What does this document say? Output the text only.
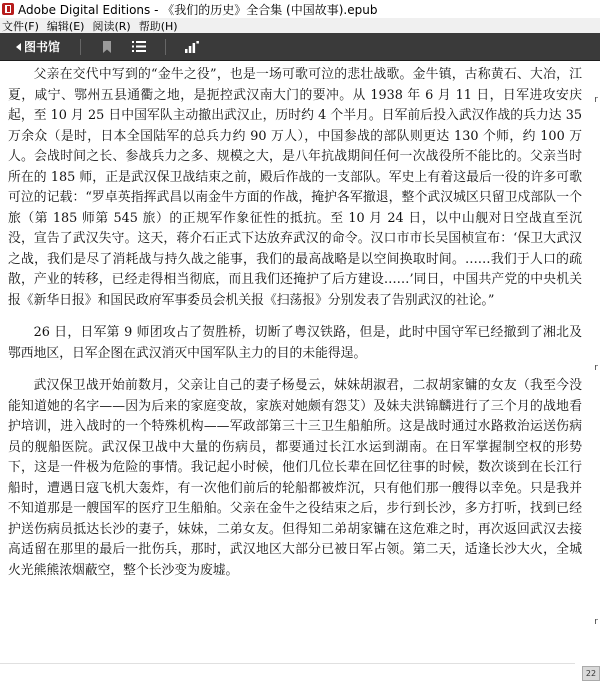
Adobe Digital Editions - 《我们的历史》全合集 (中国故事).epub
文件(F) 编辑(E) 阅读(R) 帮助(H)
图书馆

父亲在交代中写到的“金牛之役”，也是一场可歌可泣的悲壮战歌。金牛镇，古称黄石、大冶，江夏，咸宁、鄂州五县通衢之地，是扼控武汉南大门的要冲。从 1938 年 6 月 11 日，日军进攻安庆起，至 10 月 25 日中国军队主动撤出武汉止，历时约 4 个半月。日军前后投入武汉作战的兵力达 35 万余众（是时，日本全国陆军的总兵力约 90 万人），中国参战的部队则更达 130 个师，约 100 万人。会战时间之长、参战兵力之多、规模之大，是八年抗战期间任何一次战役所不能比的。父亲当时所在的 185 师，正是武汉保卫战结束之前，殿后作战的一支部队。军史上有着这最后一役的许多可歌可泣的记载：“罗卓英指挥武昌以南金牛方面的作战，掩护各军撤退，整个武汉城区只留卫戍部队一个旅（第 185 师第 545 旅）的正规军作象征性的抵抗。至 10 月 24 日，以中山舰对日空战直至沉没，宣告了武汉失守。这天，蒋介石正式下达放弃武汉的命令。汉口市市长吴国桢宣布：‘保卫大武汉之战，我们是尽了消耗战与持久战之能事，我们的最高战略是以空间换取时间。……我们于人口的疏散，产业的转移，已经走得相当彻底，而且我们还掩护了后方建设……’同日，中国共产党的中央机关报《新华日报》和国民政府军事委员会机关报《扫荡报》分别发表了告别武汉的社论。”

26 日，日军第 9 师团攻占了贺胜桥，切断了粤汉铁路，但是，此时中国守军已经撤到了湘北及鄂西地区，日军企图在武汉消灭中国军队主力的目的未能得逞。

武汉保卫战开始前数月，父亲让自己的妻子杨曼云，妹妹胡淑君，二叔胡家镛的女友（我至今没能知道她的名字——因为后来的家庭变故，家族对她颇有怨艾）及妹夫洪锦麟进行了三个月的战地看护培训，进入战时的一个特殊机构——军政部第三十三卫生船舶所。这是战时通过水路救治运送伤病员的舰船医院。武汉保卫战中大量的伤病员，都要通过长江水运到湖南。在日军掌握制空权的形势下，这是一件极为危险的事情。我记起小时候，他们几位长辈在回忆往事的时候，数次谈到在长江行船时，遭遇日寇飞机大轰炸，有一次他们前后的轮船都被炸沉，只有他们那一艘得以幸免。只是我并不知道那是一艘国军的医疗卫生船舶。父亲在金牛之役结束之后，步行到长沙，多方打听，找到已经护送伤病员抵达长沙的妻子，妹妹，二弟女友。但得知二弟胡家镛在这危难之时，再次返回武汉去接高适留在那里的最后一批伤兵，那时，武汉地区大部分已被日军占领。第二天，适逢长沙大火，全城火光熊熊浓烟蔽空，整个长沙变为废墟。

r
r
r
22
